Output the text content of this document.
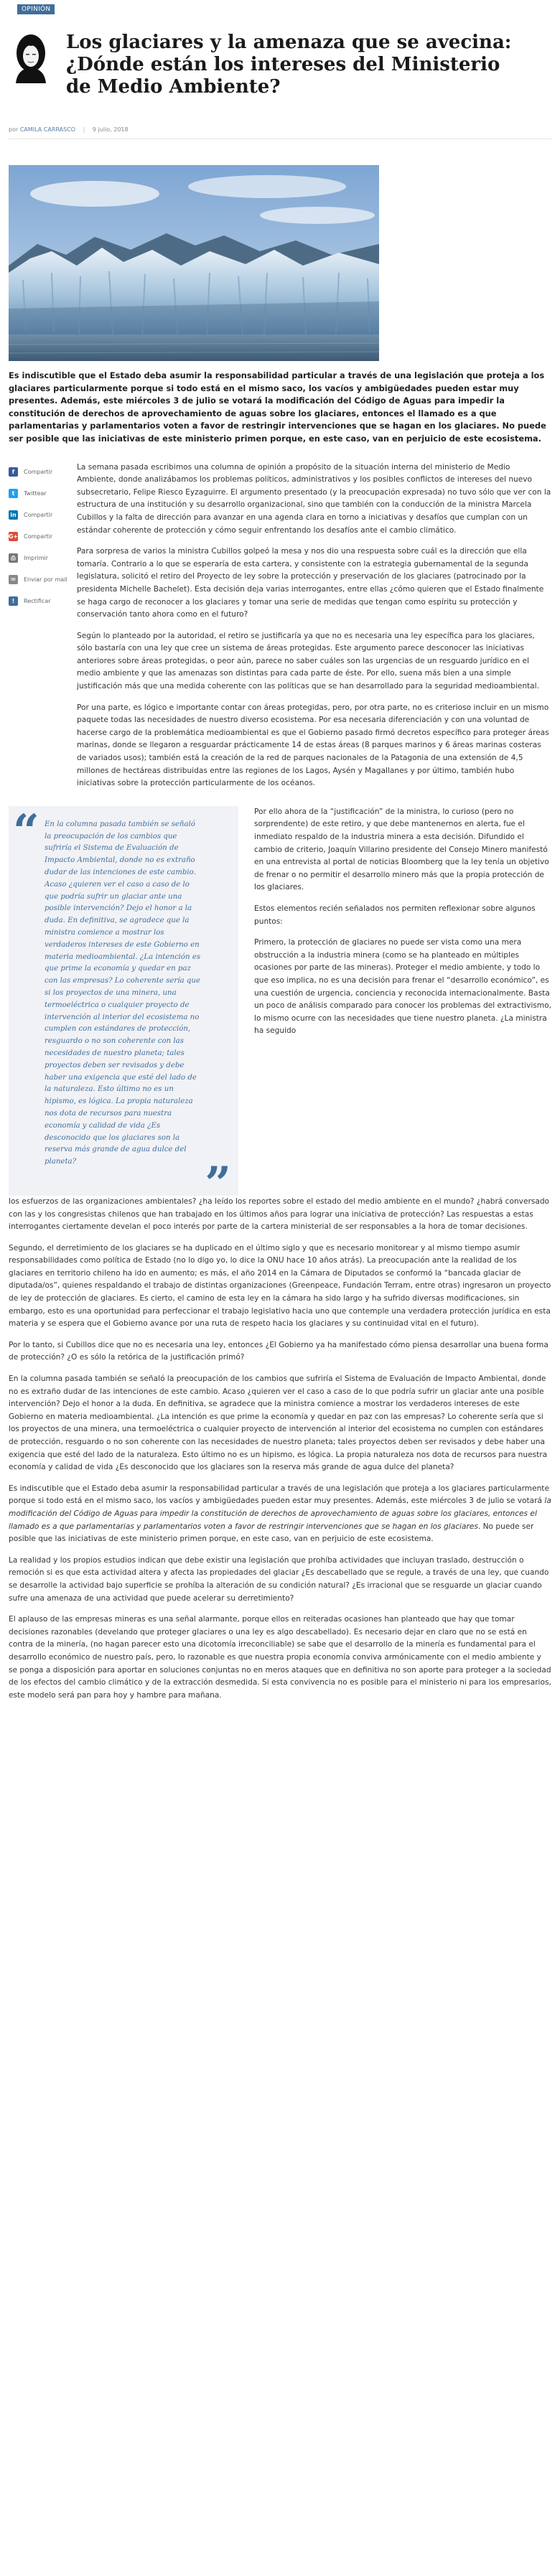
OPINIÓN
Los glaciares y la amenaza que se avecina: ¿Dónde están los intereses del Ministerio de Medio Ambiente?
por CAMILA CARRASCO | 9 julio, 2018

Es indiscutible que el Estado deba asumir la responsabilidad particular a través de una legislación que proteja a los glaciares particularmente porque si todo está en el mismo saco, los vacíos y ambigüedades pueden estar muy presentes. Además, este miércoles 3 de julio se votará la modificación del Código de Aguas para impedir la constitución de derechos de aprovechamiento de aguas sobre los glaciares, entonces el llamado es a que parlamentarias y parlamentarios voten a favor de restringir intervenciones que se hagan en los glaciares. No puede ser posible que las iniciativas de este ministerio primen porque, en este caso, van en perjuicio de este ecosistema.

f	Compartir
t	Twittear
in Compartir
G+ Compartir
⎙	Imprimir
✉	Enviar por mail
!	Rectificar

La semana pasada escribimos una columna de opinión a propósito de la situación interna del ministerio de Medio Ambiente, donde analizábamos los problemas políticos, administrativos y los posibles conflictos de intereses del nuevo subsecretario, Felipe Riesco Eyzaguirre. El argumento presentado (y la preocupación expresada) no tuvo sólo que ver con la estructura de una institución y su desarrollo organizacional, sino que también con la conducción de la ministra Marcela Cubillos y la falta de dirección para avanzar en una agenda clara en torno a iniciativas y desafíos que cumplan con un estándar coherente de protección y cómo seguir enfrentando los desafíos ante el cambio climático.

Para sorpresa de varios la ministra Cubillos golpeó la mesa y nos dio una respuesta sobre cuál es la dirección que ella tomaría. Contrario a lo que se esperaría de esta cartera, y consistente con la estrategia gubernamental de la segunda legislatura, solicitó el retiro del Proyecto de ley sobre la protección y preservación de los glaciares (patrocinado por la presidenta Michelle Bachelet). Esta decisión deja varias interrogantes, entre ellas ¿cómo quieren que el Estado finalmente se haga cargo de reconocer a los glaciares y tomar una serie de medidas que tengan como espíritu su protección y conservación tanto ahora como en el futuro?

Según lo planteado por la autoridad, el retiro se justificaría ya que no es necesaria una ley específica para los glaciares, sólo bastaría con una ley que cree un sistema de áreas protegidas. Este argumento parece desconocer las iniciativas anteriores sobre áreas protegidas, o peor aún, parece no saber cuáles son las urgencias de un resguardo jurídico en el medio ambiente y que las amenazas son distintas para cada parte de éste. Por ello, suena más bien a una simple justificación más que una medida coherente con las políticas que se han desarrollado para la seguridad medioambiental.

Por una parte, es lógico e importante contar con áreas protegidas, pero, por otra parte, no es criterioso incluir en un mismo paquete todas las necesidades de nuestro diverso ecosistema. Por esa necesaria diferenciación y con una voluntad de hacerse cargo de la problemática medioambiental es que el Gobierno pasado firmó decretos específico para proteger áreas marinas, donde se llegaron a resguardar prácticamente 14 de estas áreas (8 parques marinos y 6 áreas marinas costeras de variados usos); también está la creación de la red de parques nacionales de la Patagonia de una extensión de 4,5 millones de hectáreas distribuidas entre las regiones de los Lagos, Aysén y Magallanes y por último, también hubo iniciativas sobre la protección particularmente de los océanos.

“ En la columna pasada también se señaló la preocupación de los cambios que sufriría el Sistema de Evaluación de Impacto Ambiental, donde no es extraño dudar de las intenciones de este cambio. Acaso ¿quieren ver el caso a caso de lo que podría sufrir un glaciar ante una posible intervención? Dejo el honor a la duda. En definitiva, se agradece que la ministra comience a mostrar los verdaderos intereses de este Gobierno en materia medioambiental. ¿La intención es que prime la economía y quedar en paz con las empresas? Lo coherente sería que si los proyectos de una minera, una termoeléctrica o cualquier proyecto de intervención al interior del ecosistema no cumplen con estándares de protección, resguardo o no son coherente con las necesidades de nuestro planeta; tales proyectos deben ser revisados y debe haber una exigencia que esté del lado de la naturaleza. Esto último no es un hipismo, es lógica. La propia naturaleza nos dota de recursos para nuestra economía y calidad de vida ¿Es desconocido que los glaciares son la reserva más grande de agua dulce del planeta?	”

Por ello ahora de la “justificación” de la ministra, lo curioso (pero no sorprendente) de este retiro, y que debe mantenernos en alerta, fue el inmediato respaldo de la industria minera a esta decisión. Difundido el cambio de criterio, Joaquín Villarino presidente del Consejo Minero manifestó en una entrevista al portal de noticias Bloomberg que la ley tenía un objetivo de frenar o no permitir el desarrollo minero más que la propia protección de los glaciares.

Estos elementos recién señalados nos permiten reflexionar sobre algunos puntos:

Primero, la protección de glaciares no puede ser vista como una mera obstrucción a la industria minera (como se ha planteado en múltiples ocasiones por parte de las mineras). Proteger el medio ambiente, y todo lo que eso implica, no es una decisión para frenar el “desarrollo económico”, es una cuestión de urgencia, conciencia y reconocida internacionalmente. Basta un poco de análisis comparado para conocer los problemas del extractivismo, lo mismo ocurre con las necesidades que tiene nuestro planeta. ¿La ministra ha seguido

los esfuerzos de las organizaciones ambientales? ¿ha leído los reportes sobre el estado del medio ambiente en el mundo? ¿habrá conversado con las y los congresistas chilenos que han trabajado en los últimos años para lograr una iniciativa de protección? Las respuestas a estas interrogantes ciertamente develan el poco interés por parte de la cartera ministerial de ser responsables a la hora de tomar decisiones.

Segundo, el derretimiento de los glaciares se ha duplicado en el último siglo y que es necesario monitorear y al mismo tiempo asumir responsabilidades como política de Estado (no lo digo yo, lo dice la ONU hace 10 años atrás). La preocupación ante la realidad de los glaciares en territorio chileno ha ido en aumento; es más, el año 2014 en la Cámara de Diputados se conformó la “bancada glaciar de diputada/os”, quienes respaldando el trabajo de distintas organizaciones (Greenpeace, Fundación Terram, entre otras) ingresaron un proyecto de ley de protección de glaciares. Es cierto, el camino de esta ley en la cámara ha sido largo y ha sufrido diversas modificaciones, sin embargo, esto es una oportunidad para perfeccionar el trabajo legislativo hacia uno que contemple una verdadera protección jurídica en esta materia y se espera que el Gobierno avance por una ruta de respeto hacia los glaciares y su continuidad vital en el futuro).

Por lo tanto, si Cubillos dice que no es necesaria una ley, entonces ¿El Gobierno ya ha manifestado cómo piensa desarrollar una buena forma de protección? ¿O es sólo la retórica de la justificación primó?

En la columna pasada también se señaló la preocupación de los cambios que sufriría el Sistema de Evaluación de Impacto Ambiental, donde no es extraño dudar de las intenciones de este cambio. Acaso ¿quieren ver el caso a caso de lo que podría sufrir un glaciar ante una posible intervención? Dejo el honor a la duda. En definitiva, se agradece que la ministra comience a mostrar los verdaderos intereses de este Gobierno en materia medioambiental. ¿La intención es que prime la economía y quedar en paz con las empresas? Lo coherente sería que si los proyectos de una minera, una termoeléctrica o cualquier proyecto de intervención al interior del ecosistema no cumplen con estándares de protección, resguardo o no son coherente con las necesidades de nuestro planeta; tales proyectos deben ser revisados y debe haber una exigencia que esté del lado de la naturaleza. Esto último no es un hipismo, es lógica. La propia naturaleza nos dota de recursos para nuestra economía y calidad de vida ¿Es desconocido que los glaciares son la reserva más grande de agua dulce del planeta?

Es indiscutible que el Estado deba asumir la responsabilidad particular a través de una legislación que proteja a los glaciares particularmente porque si todo está en el mismo saco, los vacíos y ambigüedades pueden estar muy presentes. Además, este miércoles 3 de julio se votará la modificación del Código de Aguas para impedir la constitución de derechos de aprovechamiento de aguas sobre los glaciares, entonces el llamado es a que parlamentarias y parlamentarios voten a favor de restringir intervenciones que se hagan en los glaciares. No puede ser posible que las iniciativas de este ministerio primen porque, en este caso, van en perjuicio de este ecosistema.

La realidad y los propios estudios indican que debe existir una legislación que prohíba actividades que incluyan traslado, destrucción o remoción si es que esta actividad altera y afecta las propiedades del glaciar ¿Es descabellado que se regule, a través de una ley, que cuando se desarrolle la actividad bajo superficie se prohíba la alteración de su condición natural? ¿Es irracional que se resguarde un glaciar cuando sufre una amenaza de una actividad que puede acelerar su derretimiento?

El aplauso de las empresas mineras es una señal alarmante, porque ellos en reiteradas ocasiones han planteado que hay que tomar decisiones razonables (develando que proteger glaciares o una ley es algo descabellado). Es necesario dejar en claro que no se está en contra de la minería, (no hagan parecer esto una dicotomía irreconciliable) se sabe que el desarrollo de la minería es fundamental para el desarrollo económico de nuestro país, pero, lo razonable es que nuestra propia economía conviva armónicamente con el medio ambiente y se ponga a disposición para aportar en soluciones conjuntas no en meros ataques que en definitiva no son aporte para proteger a la sociedad de los efectos del cambio climático y de la extracción desmedida. Si esta convivencia no es posible para el ministerio ni para los empresarios, este modelo será pan para hoy y hambre para mañana.
